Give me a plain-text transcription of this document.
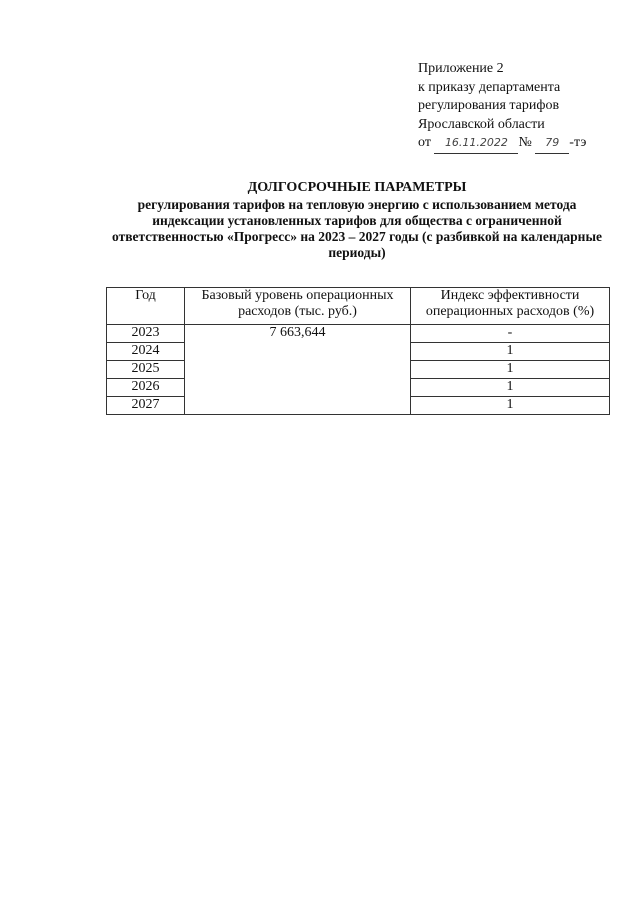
Приложение 2
к приказу департамента
регулирования тарифов
Ярославской области
от 16.11.2022 № 79 -тэ
ДОЛГОСРОЧНЫЕ ПАРАМЕТРЫ
регулирования тарифов на тепловую энергию с использованием метода индексации установленных тарифов для общества с ограниченной ответственностью «Прогресс» на 2023 – 2027 годы (с разбивкой на календарные периоды)
Год	Базовый уровень операционных расходов (тыс. руб.)	Индекс эффективности операционных расходов (%)
2023	7 663,644	-
2024		1
2025		1
2026		1
2027		1
